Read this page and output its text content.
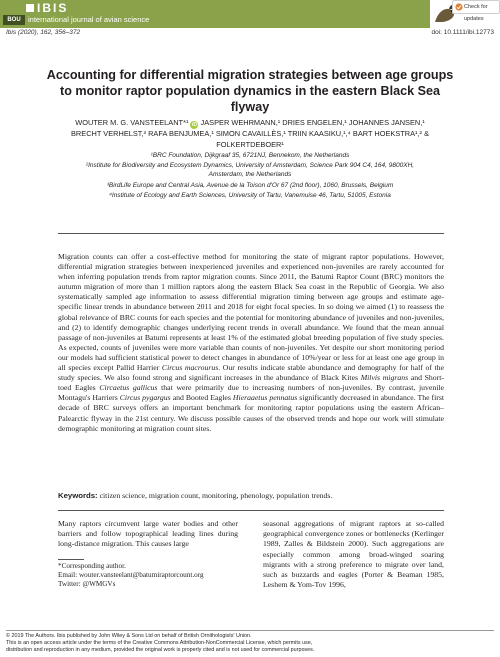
IBIS
BOU international journal of avian science
Check for updates
Ibis (2020), 162, 356–372	doi: 10.1111/ibi.12773
Accounting for differential migration strategies between age groups to monitor raptor population dynamics in the eastern Black Sea flyway
WOUTER M. G. VANSTEELANT*¹ iD JASPER WEHRMANN,¹ DRIES ENGELEN,¹ JOHANNES JANSEN,¹
BRECHT VERHELST,³ RAFA BENJUMEA,¹ SIMON CAVAILLÈS,¹ TRIIN KAASIKU,¹,⁴ BART HOEKSTRA¹,² &
FOLKERTDEBOER¹
¹BRC Foundation, Dijkgraaf 35, 6721NJ, Bennekom, the Netherlands
²Institute for Biodiversity and Ecosystem Dynamics, University of Amsterdam, Science Park 904 C4, 164, 9800XH,
Amsterdam, the Netherlands
³BirdLife Europe and Central Asia, Avenue de la Toison d'Or 67 (2nd floor), 1060, Brussels, Belgium
⁴Institute of Ecology and Earth Sciences, University of Tartu, Vanemuise 46, Tartu, 51005, Estonia

Migration counts can offer a cost-effective method for monitoring the state of migrant raptor populations. However, differential migration strategies between inexperienced juveniles and experienced non-juveniles are rarely accounted for when inferring population trends from raptor migration counts. Since 2011, the Batumi Raptor Count (BRC) monitors the autumn migration of more than 1 million raptors along the eastern Black Sea coast in the Republic of Georgia. We also systematically sampled age information to assess differential migration timing between age groups and estimate age-specific linear trends in abundance between 2011 and 2018 for eight focal species. In so doing we aimed (1) to reassess the global relevance of BRC counts for each species and the potential for monitoring abundance of juveniles and non-juveniles, and (2) to identify demographic changes underlying recent trends in overall abundance. We found that the mean annual passage of non-juveniles at Batumi represents at least 1% of the estimated global breeding population of five study species. As expected, counts of juveniles were more variable than counts of non-juveniles. Yet despite our short monitoring period our models had sufficient statistical power to detect changes in abundance of 10%/year or less for at least one age group in all species except Pallid Harrier Circus macrourus. Our results indicate stable abundance and demography for half of the study species. We also found strong and significant increases in the abundance of Black Kites Milvis migrans and Short-toed Eagles Circaetus gallicus that were primarily due to increasing numbers of non-juveniles. By contrast, juvenile Montagu's Harriers Circus pygargus and Booted Eagles Hieraaetus pennatus significantly decreased in abundance. The first decade of BRC surveys offers an important benchmark for monitoring raptor populations using the eastern African–Palearctic flyway in the 21st century. We discuss possible causes of the observed trends and hope our work will stimulate demographic monitoring at migration count sites.

Keywords: citizen science, migration count, monitoring, phenology, population trends.

Many raptors circumvent large water bodies and other barriers and follow topographical leading lines during long-distance migration. This causes large

seasonal aggregations of migrant raptors at so-called geographical convergence zones or bottlenecks (Kerlinger 1989, Zalles & Bildstein 2000). Such aggregations are especially common among broad-winged soaring migrants with a strong preference to migrate over land, such as buzzards and eagles (Porter & Beaman 1985, Leshem & Yom-Tov 1996,

*Corresponding author.
Email: wouter.vansteelant@batumiraptorcount.org
Twitter: @WMGVs
© 2019 The Authors. Ibis published by John Wiley & Sons Ltd on behalf of British Ornithologists' Union.
This is an open access article under the terms of the Creative Commons Attribution-NonCommercial License, which permits use,
distribution and reproduction in any medium, provided the original work is properly cited and is not used for commercial purposes.
